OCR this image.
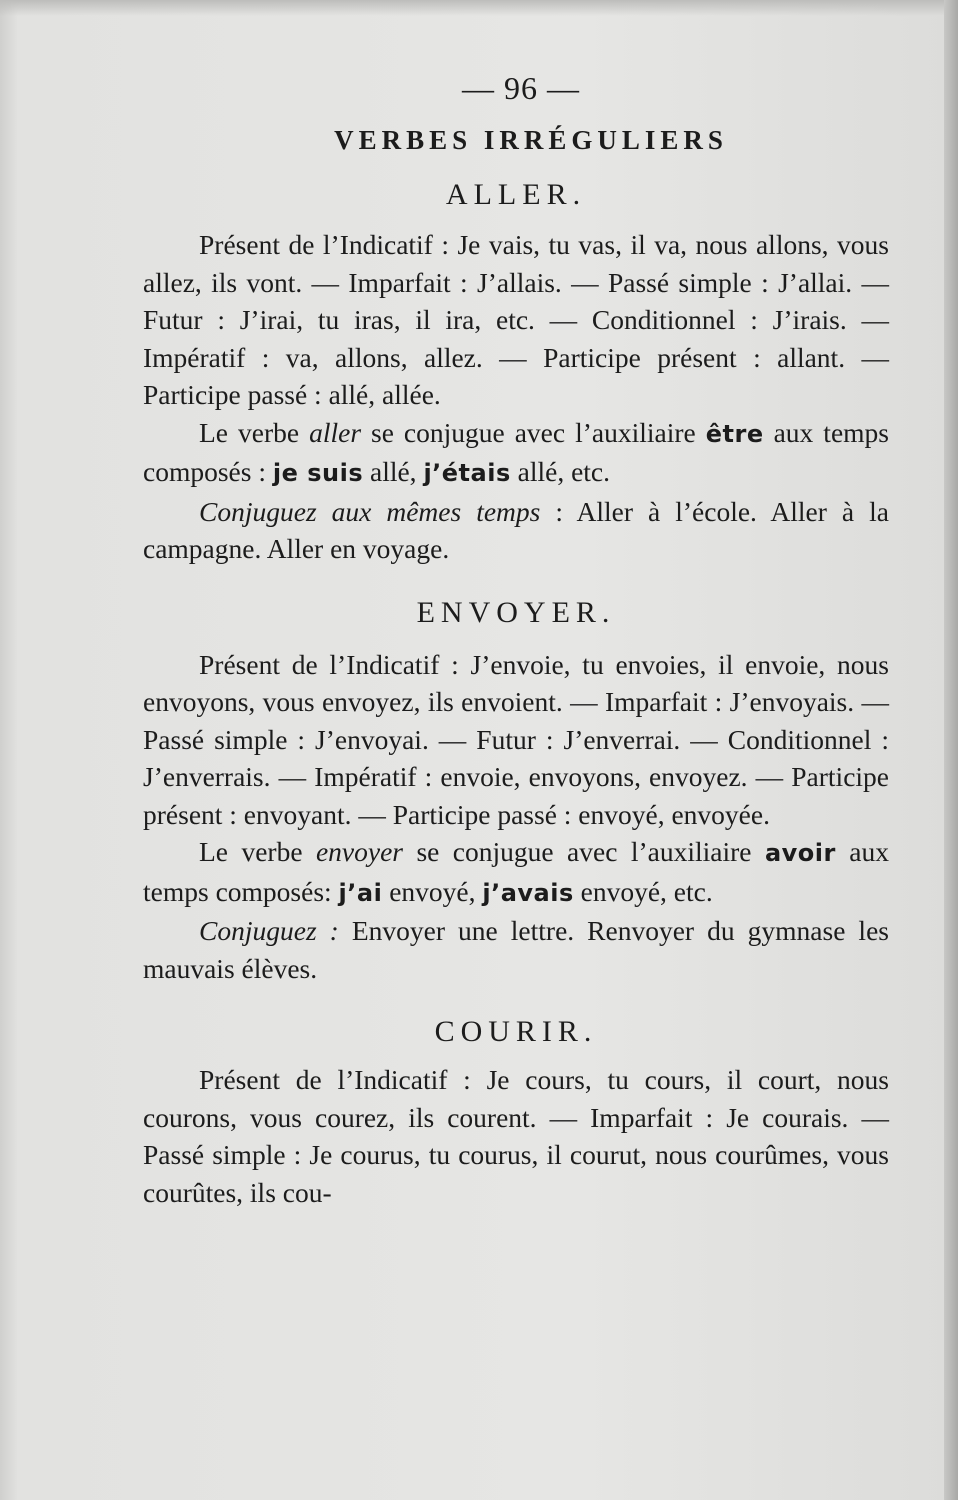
— 96 —
VERBES IRRÉGULIERS
ALLER.

Présent de l’Indicatif : Je vais, tu vas, il va, nous allons, vous allez, ils vont. — Imparfait : J’allais. — Passé simple : J’allai. — Futur : J’irai, tu iras, il ira, etc. — Conditionnel : J’irais. — Impératif : va, allons, allez. — Participe présent : allant. — Participe passé : allé, allée.

Le verbe aller se conjugue avec l’auxiliaire être aux temps composés : je suis allé, j’étais allé, etc.

Conjuguez aux mêmes temps : Aller à l’école. Aller à la campagne. Aller en voyage.

ENVOYER.

Présent de l’Indicatif : J’envoie, tu envoies, il envoie, nous envoyons, vous envoyez, ils envoient. — Imparfait : J’envoyais. — Passé simple : J’envoyai. — Futur : J’enverrai. — Conditionnel : J’enverrais. — Impératif : envoie, envoyons, envoyez. — Participe présent : envoyant. — Participe passé : envoyé, envoyée.

Le verbe envoyer se conjugue avec l’auxiliaire avoir aux temps composés: j’ai envoyé, j’avais envoyé, etc.

Conjuguez : Envoyer une lettre. Renvoyer du gymnase les mauvais élèves.

COURIR.

Présent de l’Indicatif : Je cours, tu cours, il court, nous courons, vous courez, ils courent. — Imparfait : Je courais. — Passé simple : Je courus, tu courus, il courut, nous courûmes, vous courûtes, ils cou-
